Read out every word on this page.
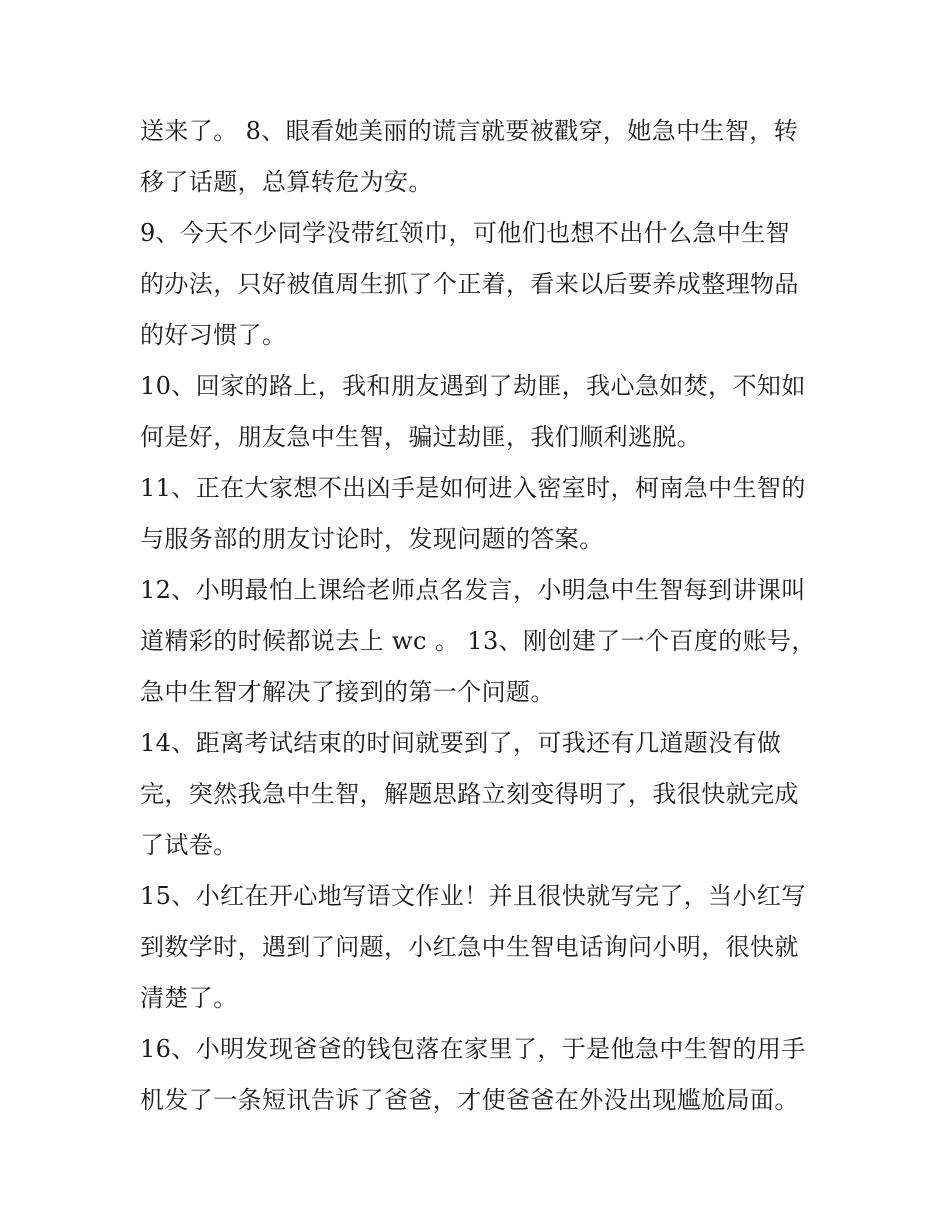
送来了。 8、眼看她美丽的谎言就要被戳穿，她急中生智，转
移了话题，总算转危为安。
9、今天不少同学没带红领巾，可他们也想不出什么急中生智
的办法，只好被值周生抓了个正着，看来以后要养成整理物品
的好习惯了。
10、回家的路上，我和朋友遇到了劫匪，我心急如焚，不知如
何是好，朋友急中生智，骗过劫匪，我们顺利逃脱。
11、正在大家想不出凶手是如何进入密室时，柯南急中生智的
与服务部的朋友讨论时，发现问题的答案。
12、小明最怕上课给老师点名发言，小明急中生智每到讲课叫
道精彩的时候都说去上 wc 。 13、刚创建了一个百度的账号，
急中生智才解决了接到的第一个问题。
14、距离考试结束的时间就要到了，可我还有几道题没有做
完，突然我急中生智，解题思路立刻变得明了，我很快就完成
了试卷。
15、小红在开心地写语文作业！并且很快就写完了，当小红写
到数学时，遇到了问题，小红急中生智电话询问小明，很快就
清楚了。
16、小明发现爸爸的钱包落在家里了，于是他急中生智的用手
机发了一条短讯告诉了爸爸，才使爸爸在外没出现尴尬局面。
